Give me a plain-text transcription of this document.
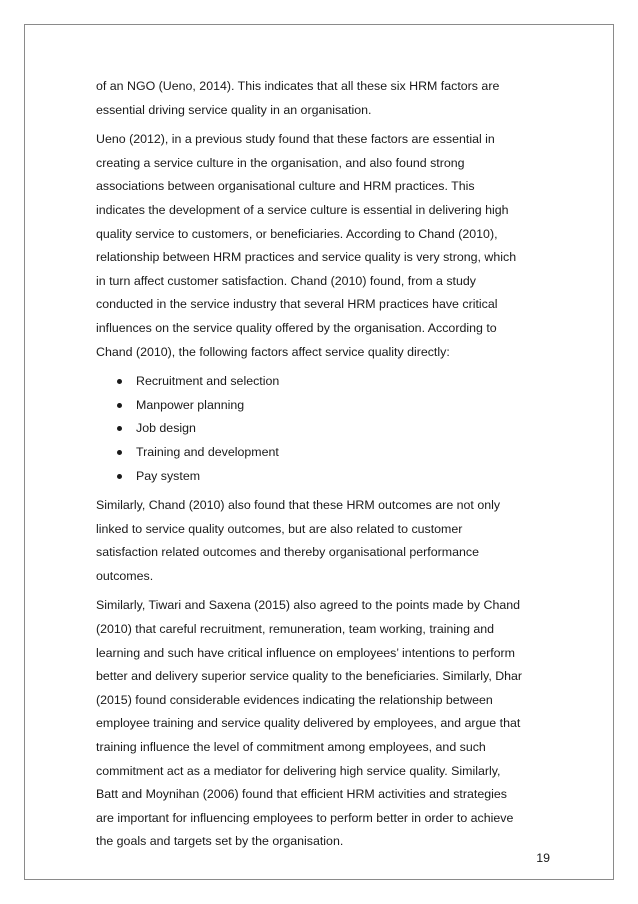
of an NGO (Ueno, 2014). This indicates that all these six HRM factors are
essential driving service quality in an organisation.

Ueno (2012), in a previous study found that these factors are essential in
creating a service culture in the organisation, and also found strong
associations between organisational culture and HRM practices. This
indicates the development of a service culture is essential in delivering high
quality service to customers, or beneficiaries. According to Chand (2010),
relationship between HRM practices and service quality is very strong, which
in turn affect customer satisfaction. Chand (2010) found, from a study
conducted in the service industry that several HRM practices have critical
influences on the service quality offered by the organisation. According to
Chand (2010), the following factors affect service quality directly:

Recruitment and selection
Manpower planning
Job design
Training and development
Pay system

Similarly, Chand (2010) also found that these HRM outcomes are not only
linked to service quality outcomes, but are also related to customer
satisfaction related outcomes and thereby organisational performance
outcomes.

Similarly, Tiwari and Saxena (2015) also agreed to the points made by Chand
(2010) that careful recruitment, remuneration, team working, training and
learning and such have critical influence on employees’ intentions to perform
better and delivery superior service quality to the beneficiaries. Similarly, Dhar
(2015) found considerable evidences indicating the relationship between
employee training and service quality delivered by employees, and argue that
training influence the level of commitment among employees, and such
commitment act as a mediator for delivering high service quality. Similarly,
Batt and Moynihan (2006) found that efficient HRM activities and strategies
are important for influencing employees to perform better in order to achieve
the goals and targets set by the organisation.

19
